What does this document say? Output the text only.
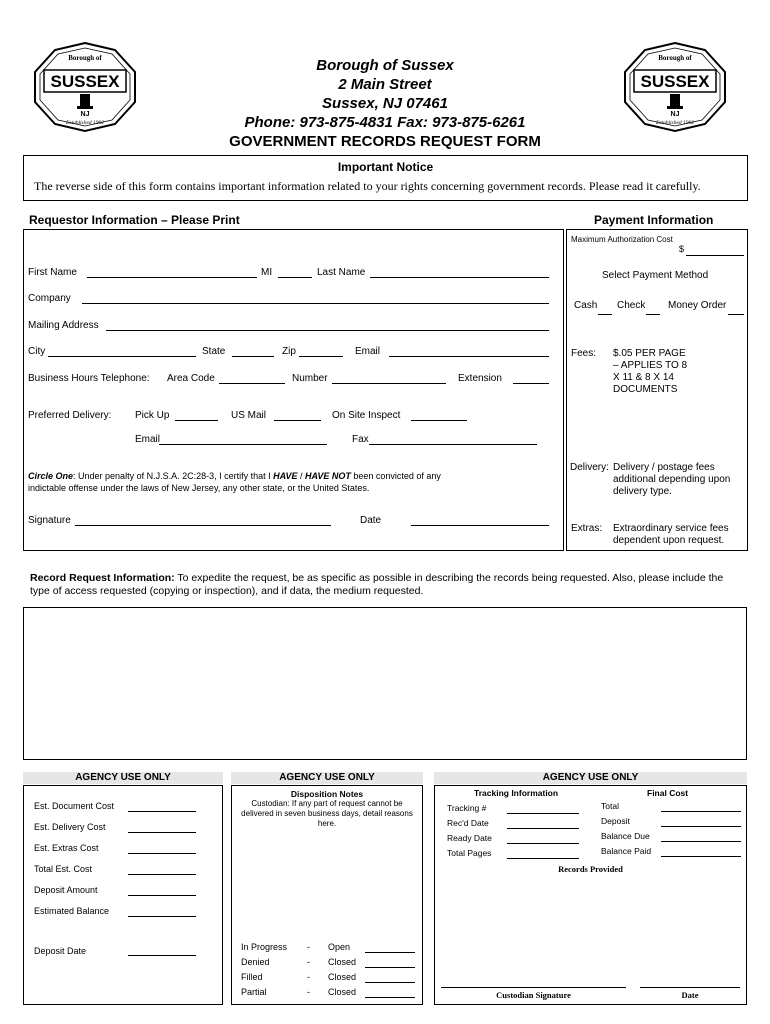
SUSSEX
Borough of
NJ
Established 1902
SUSSEX
Borough of
NJ
Established 1902
Borough of Sussex
2 Main Street
Sussex, NJ 07461
Phone: 973-875-4831 Fax: 973-875-6261
GOVERNMENT RECORDS REQUEST FORM
Important Notice
The reverse side of this form contains important information related to your rights concerning government records. Please read it carefully.
Requestor Information – Please Print	Payment Information
First Name	MI	Last Name
Company
Mailing Address
City	State	Zip	Email
Business Hours Telephone: Area Code	Number	Extension
Preferred Delivery: Pick Up	US Mail	On Site Inspect
Email	Fax
Circle One: Under penalty of N.J.S.A. 2C:28-3, I certify that I HAVE / HAVE NOT been convicted of any
indictable offense under the laws of New Jersey, any other state, or the United States.
Signature	Date
Maximum Authorization Cost
$
Select Payment Method
Cash Check Money Order
Fees: $.05 PER PAGE – APPLIES TO 8 X 11 & 8 X 14 DOCUMENTS
Delivery: Delivery / postage fees additional depending upon delivery type.
Extras: Extraordinary service fees dependent upon request.
Record Request Information: To expedite the request, be as specific as possible in describing the records being requested. Also, please include the type of access requested (copying or inspection), and if data, the medium requested.
AGENCY USE ONLY
Est. Document Cost
Est. Delivery Cost
Est. Extras Cost
Total Est. Cost
Deposit Amount
Estimated Balance
Deposit Date
AGENCY USE ONLY
Disposition Notes
Custodian: If any part of request cannot be delivered in seven business days, detail reasons here.
In Progress - Open
Denied	- Closed
Filled	- Closed
Partial	- Closed
AGENCY USE ONLY
Tracking Information	Final Cost
Tracking #
Rec'd Date
Ready Date
Total Pages
Total
Deposit
Balance Due
Balance Paid
Records Provided
Custodian Signature	Date
